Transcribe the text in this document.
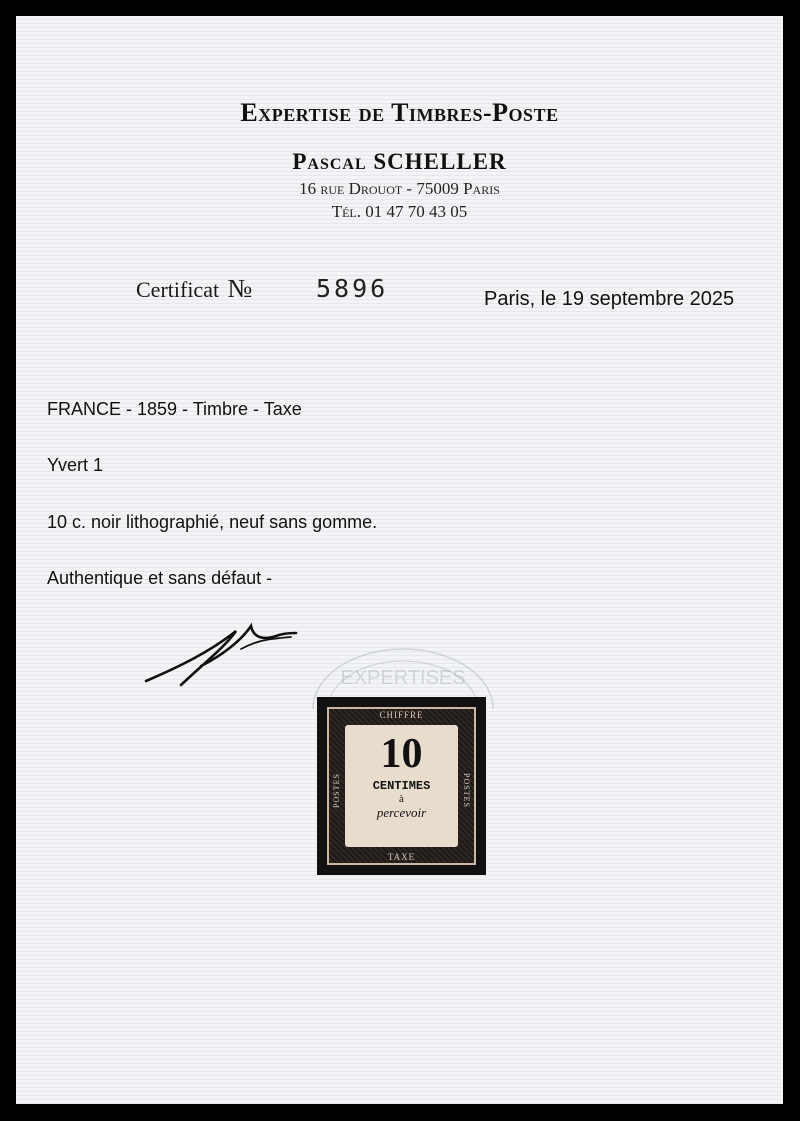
Expertise de Timbres-Poste
Pascal SCHELLER
16 rue Drouot - 75009 Paris
Tél. 01 47 70 43 05
Certificat №	5896	Paris, le 19 septembre 2025
FRANCE - 1859 - Timbre - Taxe
Yvert 1
10 c. noir lithographié, neuf sans gomme.
Authentique et sans défaut -
EXPERTISES
CHIFFRE
POSTES	POSTES
10
CENTIMES
à
percevoir
TAXE
